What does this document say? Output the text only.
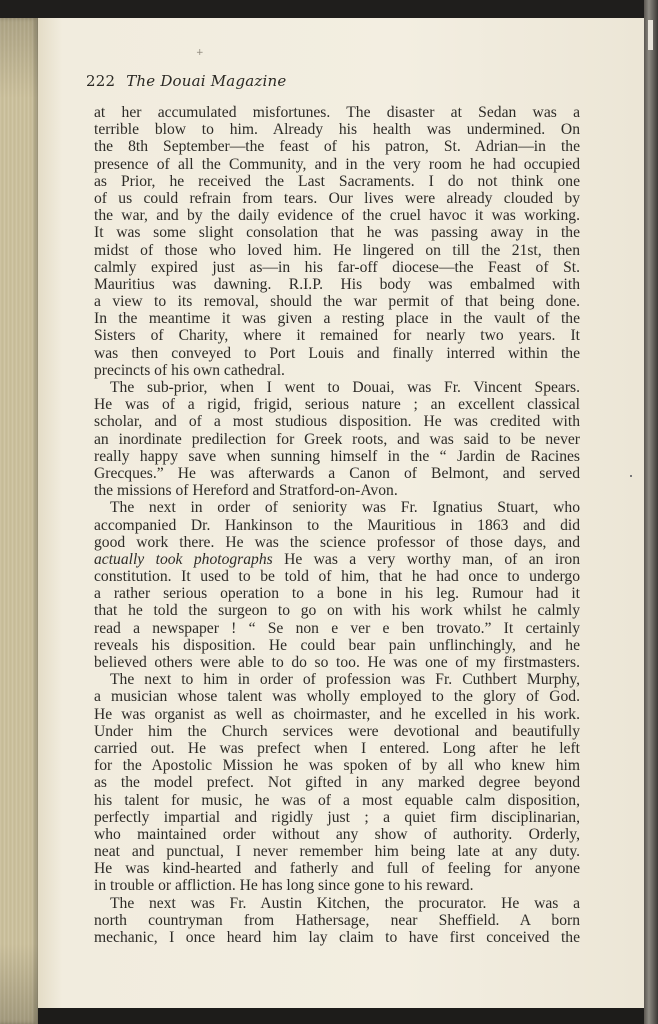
+
222 The Douai Magazine
at her accumulated misfortunes. The disaster at Sedan was a
terrible blow to him. Already his health was undermined. On
the 8th September—the feast of his patron, St. Adrian—in the
presence of all the Community, and in the very room he had occupied
as Prior, he received the Last Sacraments. I do not think one
of us could refrain from tears. Our lives were already clouded by
the war, and by the daily evidence of the cruel havoc it was working.
It was some slight consolation that he was passing away in the
midst of those who loved him. He lingered on till the 21st, then
calmly expired just as—in his far-off diocese—the Feast of St.
Mauritius was dawning. R.I.P. His body was embalmed with
a view to its removal, should the war permit of that being done.
In the meantime it was given a resting place in the vault of the
Sisters of Charity, where it remained for nearly two years. It
was then conveyed to Port Louis and finally interred within the
precincts of his own cathedral.
The sub-prior, when I went to Douai, was Fr. Vincent Spears.
He was of a rigid, frigid, serious nature ; an excellent classical
scholar, and of a most studious disposition. He was credited with
an inordinate predilection for Greek roots, and was said to be never
really happy save when sunning himself in the “ Jardin de Racines
Grecques.” He was afterwards a Canon of Belmont, and served
the missions of Hereford and Stratford-on-Avon.
The next in order of seniority was Fr. Ignatius Stuart, who
accompanied Dr. Hankinson to the Mauritious in 1863 and did
good work there. He was the science professor of those days, and
actually took photographs He was a very worthy man, of an iron
constitution. It used to be told of him, that he had once to undergo
a rather serious operation to a bone in his leg. Rumour had it
that he told the surgeon to go on with his work whilst he calmly
read a newspaper ! “ Se non e ver e ben trovato.” It certainly
reveals his disposition. He could bear pain unflinchingly, and he
believed others were able to do so too. He was one of my firstmasters.
The next to him in order of profession was Fr. Cuthbert Murphy,
a musician whose talent was wholly employed to the glory of God.
He was organist as well as choirmaster, and he excelled in his work.
Under him the Church services were devotional and beautifully
carried out. He was prefect when I entered. Long after he left
for the Apostolic Mission he was spoken of by all who knew him
as the model prefect. Not gifted in any marked degree beyond
his talent for music, he was of a most equable calm disposition,
perfectly impartial and rigidly just ; a quiet firm disciplinarian,
who maintained order without any show of authority. Orderly,
neat and punctual, I never remember him being late at any duty.
He was kind-hearted and fatherly and full of feeling for anyone
in trouble or affliction. He has long since gone to his reward.
The next was Fr. Austin Kitchen, the procurator. He was a
north countryman from Hathersage, near Sheffield. A born
mechanic, I once heard him lay claim to have first conceived the
